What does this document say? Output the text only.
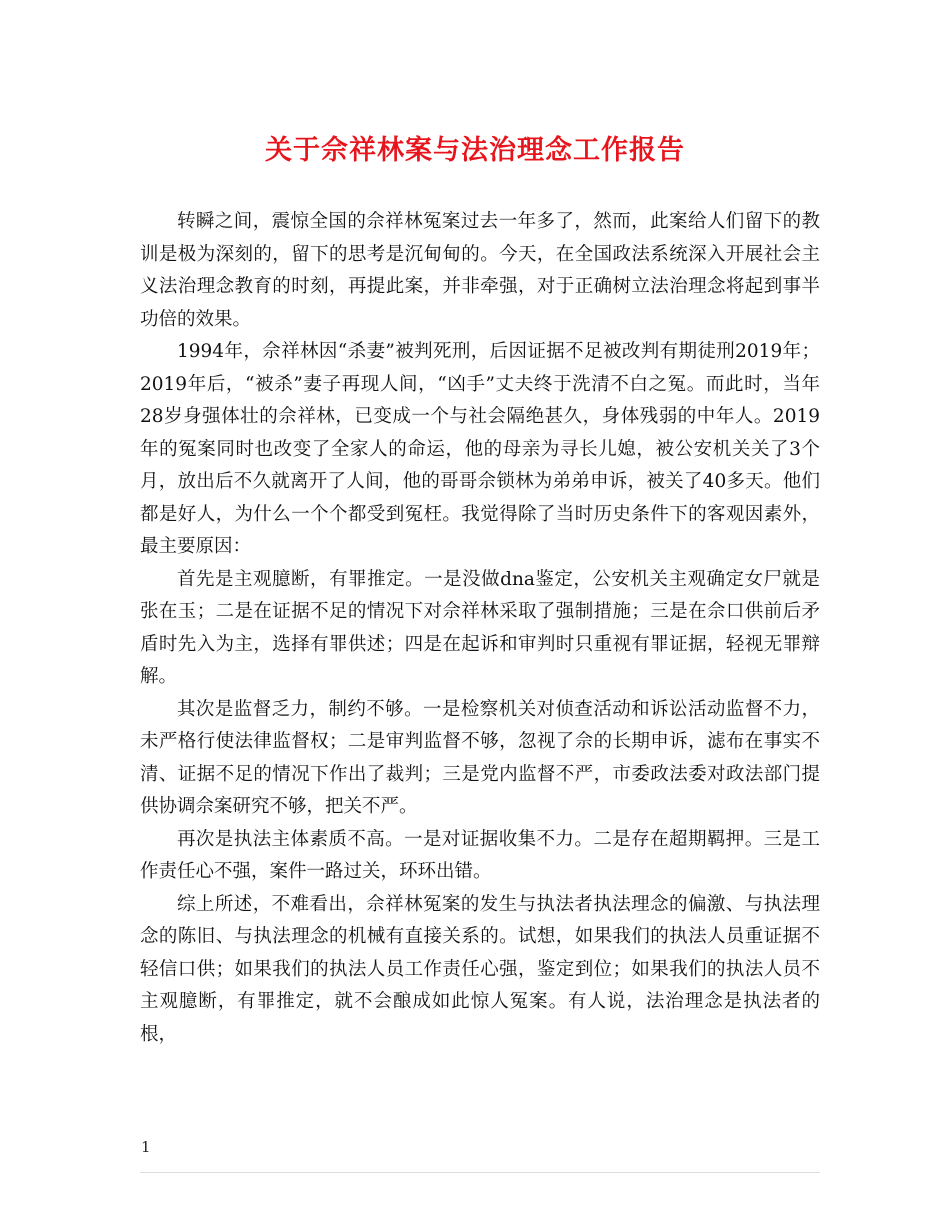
关于佘祥林案与法治理念工作报告

转瞬之间，震惊全国的佘祥林冤案过去一年多了，然而，此案给人们留下的教训是极为深刻的，留下的思考是沉甸甸的。今天，在全国政法系统深入开展社会主义法治理念教育的时刻，再提此案，并非牵强，对于正确树立法治理念将起到事半功倍的效果。

1994年，佘祥林因“杀妻”被判死刑，后因证据不足被改判有期徒刑2019年；2019年后，“被杀”妻子再现人间，“凶手”丈夫终于洗清不白之冤。而此时，当年28岁身强体壮的佘祥林，已变成一个与社会隔绝甚久，身体残弱的中年人。2019年的冤案同时也改变了全家人的命运，他的母亲为寻长儿媳，被公安机关关了3个月，放出后不久就离开了人间，他的哥哥佘锁林为弟弟申诉，被关了40多天。他们都是好人，为什么一个个都受到冤枉。我觉得除了当时历史条件下的客观因素外，最主要原因：

首先是主观臆断，有罪推定。一是没做dna鉴定，公安机关主观确定女尸就是张在玉；二是在证据不足的情况下对佘祥林采取了强制措施；三是在佘口供前后矛盾时先入为主，选择有罪供述；四是在起诉和审判时只重视有罪证据，轻视无罪辩解。

其次是监督乏力，制约不够。一是检察机关对侦查活动和诉讼活动监督不力，未严格行使法律监督权；二是审判监督不够，忽视了佘的长期申诉，滤布在事实不清、证据不足的情况下作出了裁判；三是党内监督不严，市委政法委对政法部门提供协调佘案研究不够，把关不严。

再次是执法主体素质不高。一是对证据收集不力。二是存在超期羁押。三是工作责任心不强，案件一路过关，环环出错。

综上所述，不难看出，佘祥林冤案的发生与执法者执法理念的偏激、与执法理念的陈旧、与执法理念的机械有直接关系的。试想，如果我们的执法人员重证据不轻信口供；如果我们的执法人员工作责任心强，鉴定到位；如果我们的执法人员不主观臆断，有罪推定，就不会酿成如此惊人冤案。有人说，法治理念是执法者的根，

1
